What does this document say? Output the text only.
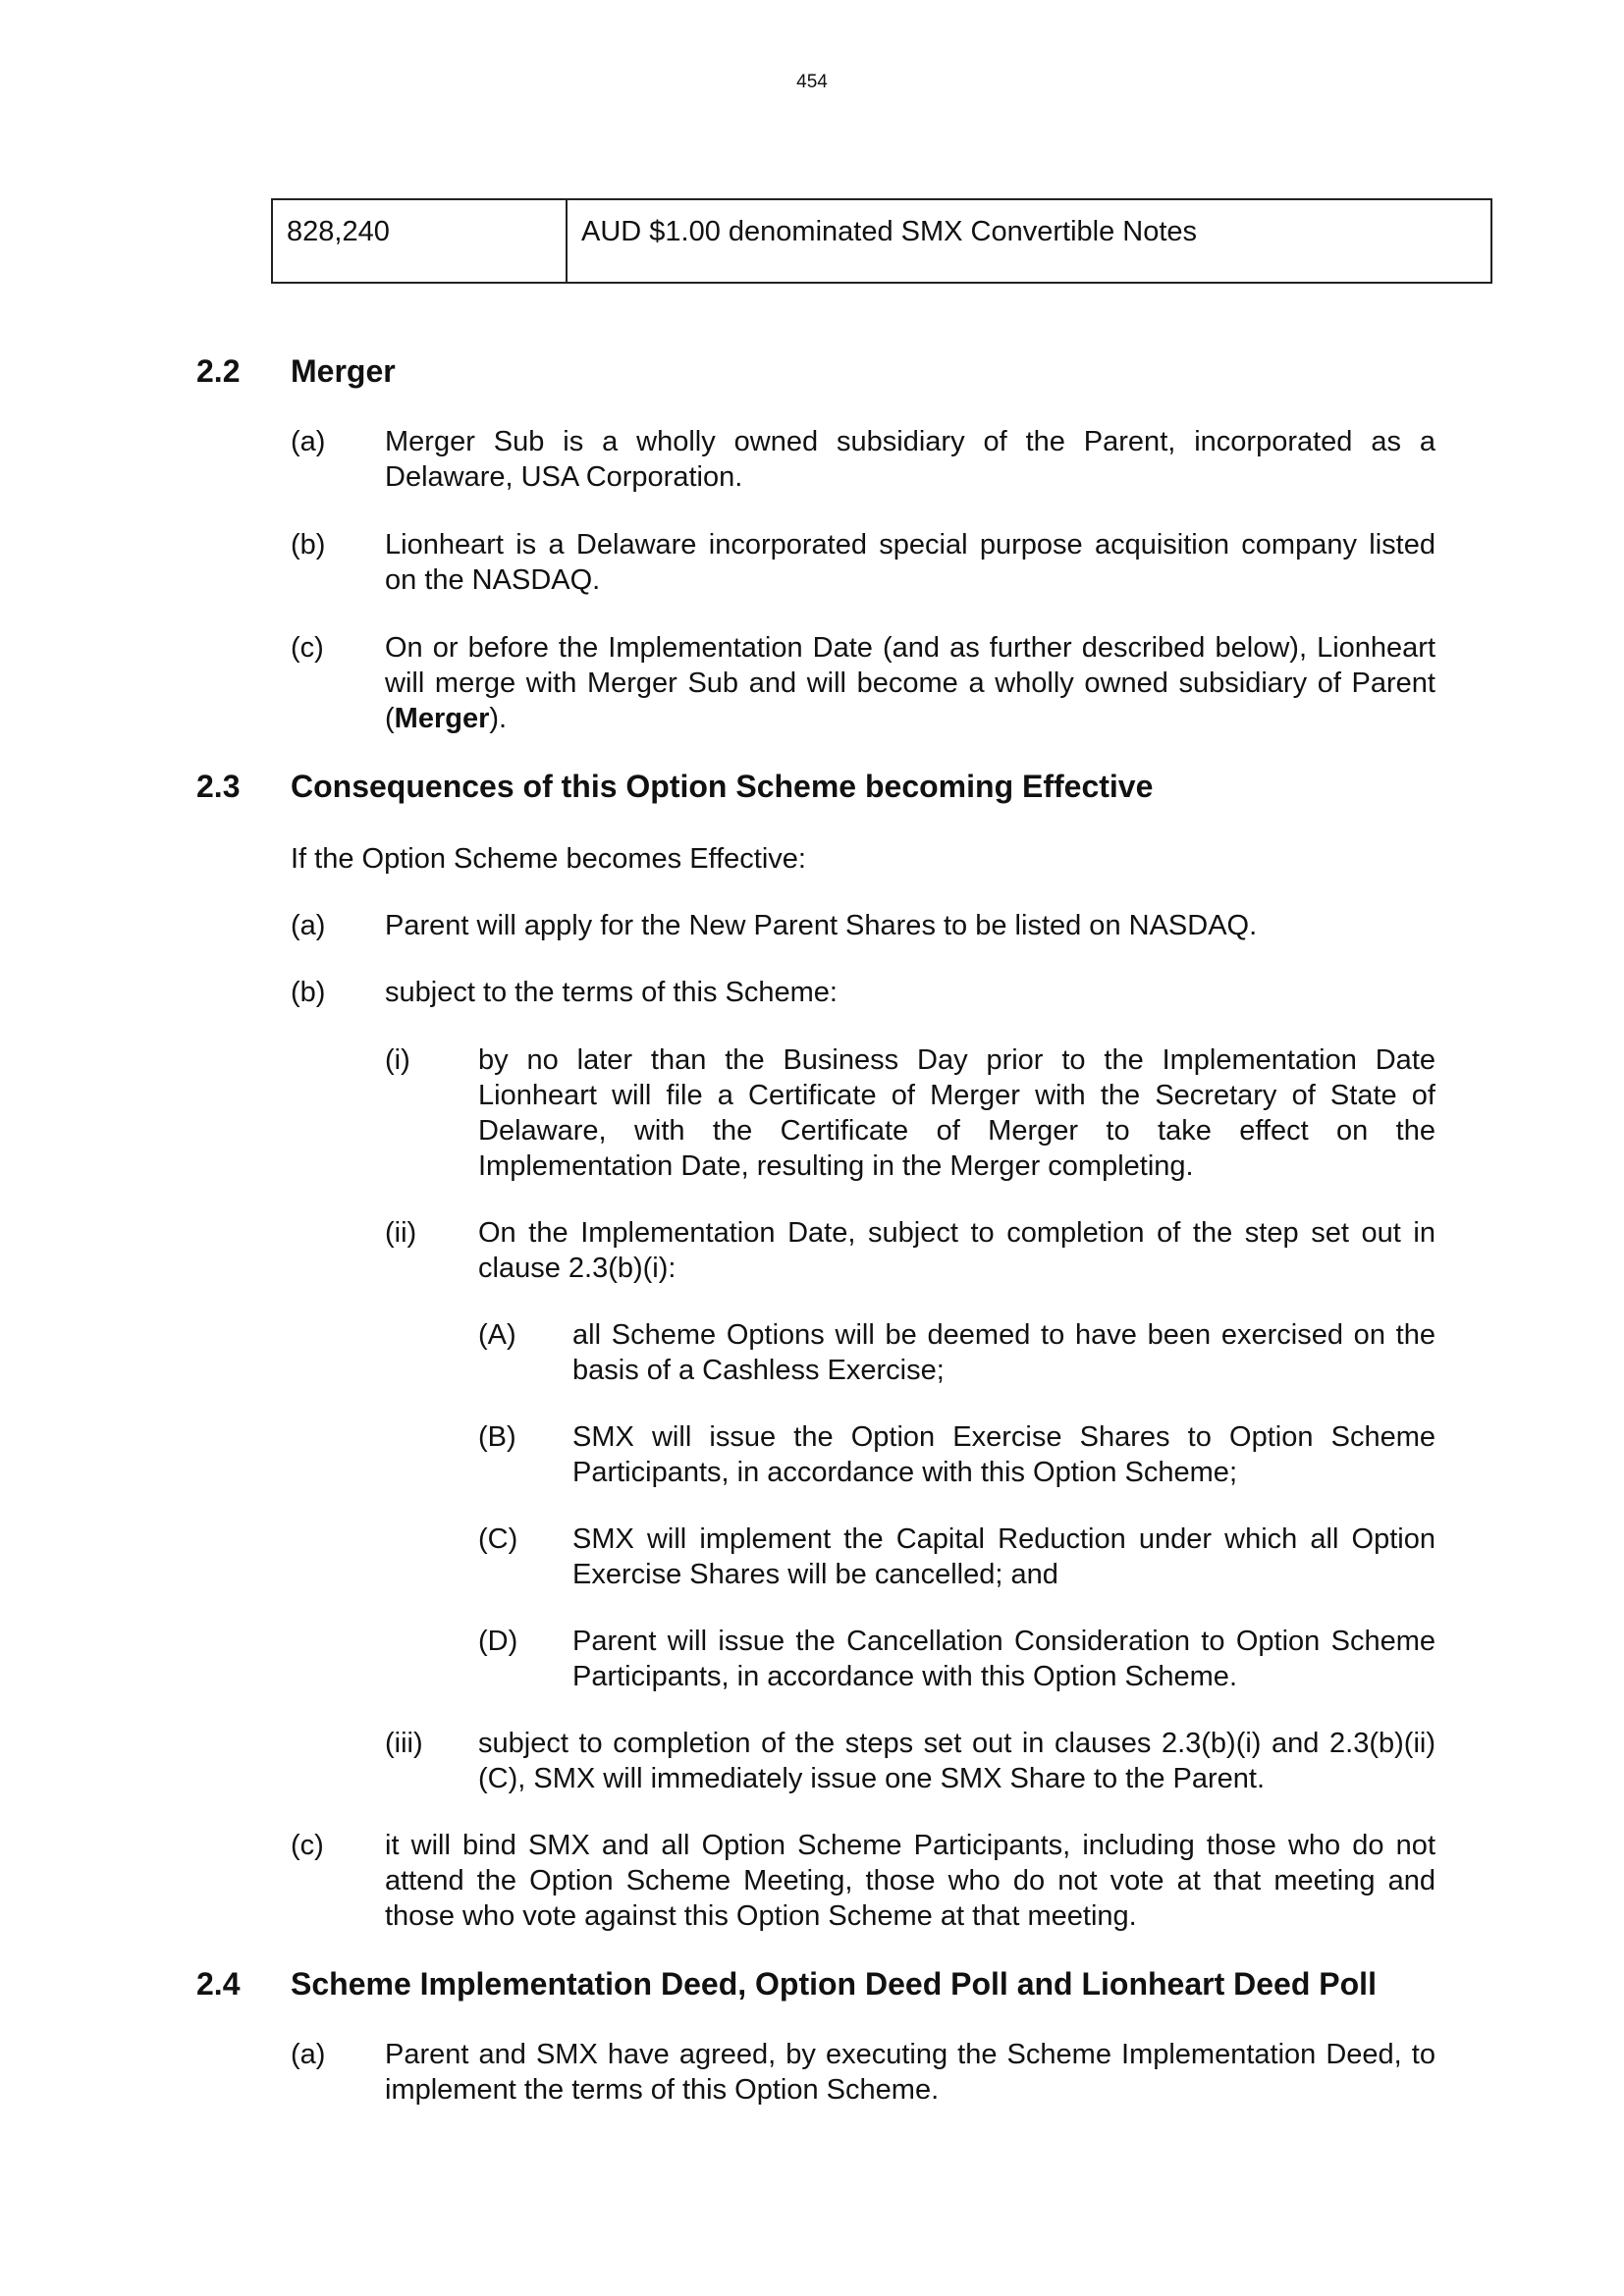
454
828,240	AUD $1.00 denominated SMX Convertible Notes
2.2 Merger
(a) Merger Sub is a wholly owned subsidiary of the Parent, incorporated as a Delaware, USA Corporation.
(b) Lionheart is a Delaware incorporated special purpose acquisition company listed on the NASDAQ.
(c) On or before the Implementation Date (and as further described below), Lionheart will merge with Merger Sub and will become a wholly owned subsidiary of Parent (Merger).
2.3 Consequences of this Option Scheme becoming Effective
If the Option Scheme becomes Effective:
(a) Parent will apply for the New Parent Shares to be listed on NASDAQ.
(b) subject to the terms of this Scheme:
(i) by no later than the Business Day prior to the Implementation Date Lionheart will file a Certificate of Merger with the Secretary of State of Delaware, with the Certificate of Merger to take effect on the Implementation Date, resulting in the Merger completing.
(ii) On the Implementation Date, subject to completion of the step set out in clause 2.3(b)(i):
(A) all Scheme Options will be deemed to have been exercised on the basis of a Cashless Exercise;
(B) SMX will issue the Option Exercise Shares to Option Scheme Participants, in accordance with this Option Scheme;
(C) SMX will implement the Capital Reduction under which all Option Exercise Shares will be cancelled; and
(D) Parent will issue the Cancellation Consideration to Option Scheme Participants, in accordance with this Option Scheme.
(iii) subject to completion of the steps set out in clauses 2.3(b)(i) and 2.3(b)(ii)(C), SMX will immediately issue one SMX Share to the Parent.
(c) it will bind SMX and all Option Scheme Participants, including those who do not attend the Option Scheme Meeting, those who do not vote at that meeting and those who vote against this Option Scheme at that meeting.
2.4 Scheme Implementation Deed, Option Deed Poll and Lionheart Deed Poll
(a) Parent and SMX have agreed, by executing the Scheme Implementation Deed, to implement the terms of this Option Scheme.
